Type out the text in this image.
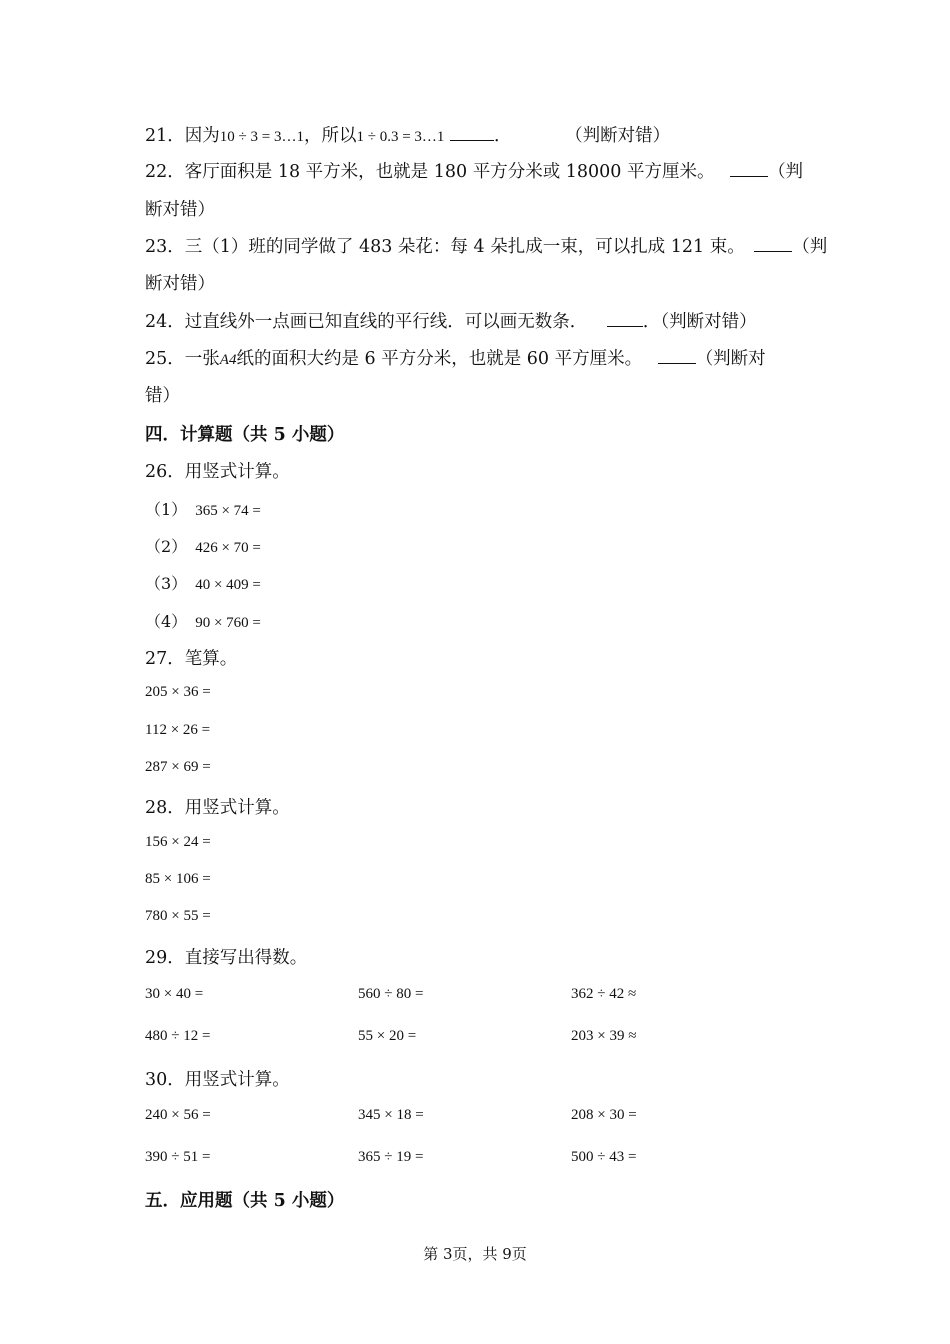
21．因为10 ÷ 3 = 3…1，所以1 ÷ 0.3 = 3…1	．	（判断对错）
22．客厅面积是 18 平方米，也就是 180 平方分米或 18000 平方厘米。	（判
断对错）
23．三（1）班的同学做了 483 朵花：每 4 朵扎成一束，可以扎成 121 束。	（判
断对错）
24．过直线外一点画已知直线的平行线．可以画无数条．	．（判断对错）
25．一张A4纸的面积大约是 6 平方分米，也就是 60 平方厘米。	（判断对
错）
四．计算题（共 5 小题）
26．用竖式计算。
（1） 365 × 74 =
（2） 426 × 70 =
（3） 40 × 409 =
（4） 90 × 760 =
27．笔算。
205 × 36 =
112 × 26 =
287 × 69 =
28．用竖式计算。
156 × 24 =
85 × 106 =
780 × 55 =
29．直接写出得数。
30 × 40 =	560 ÷ 80 =	362 ÷ 42 ≈
480 ÷ 12 =	55 × 20 =	203 × 39 ≈
30．用竖式计算。
240 × 56 =	345 × 18 =	208 × 30 =
390 ÷ 51 =	365 ÷ 19 =	500 ÷ 43 =
五．应用题（共 5 小题）
第 3页，共 9页
